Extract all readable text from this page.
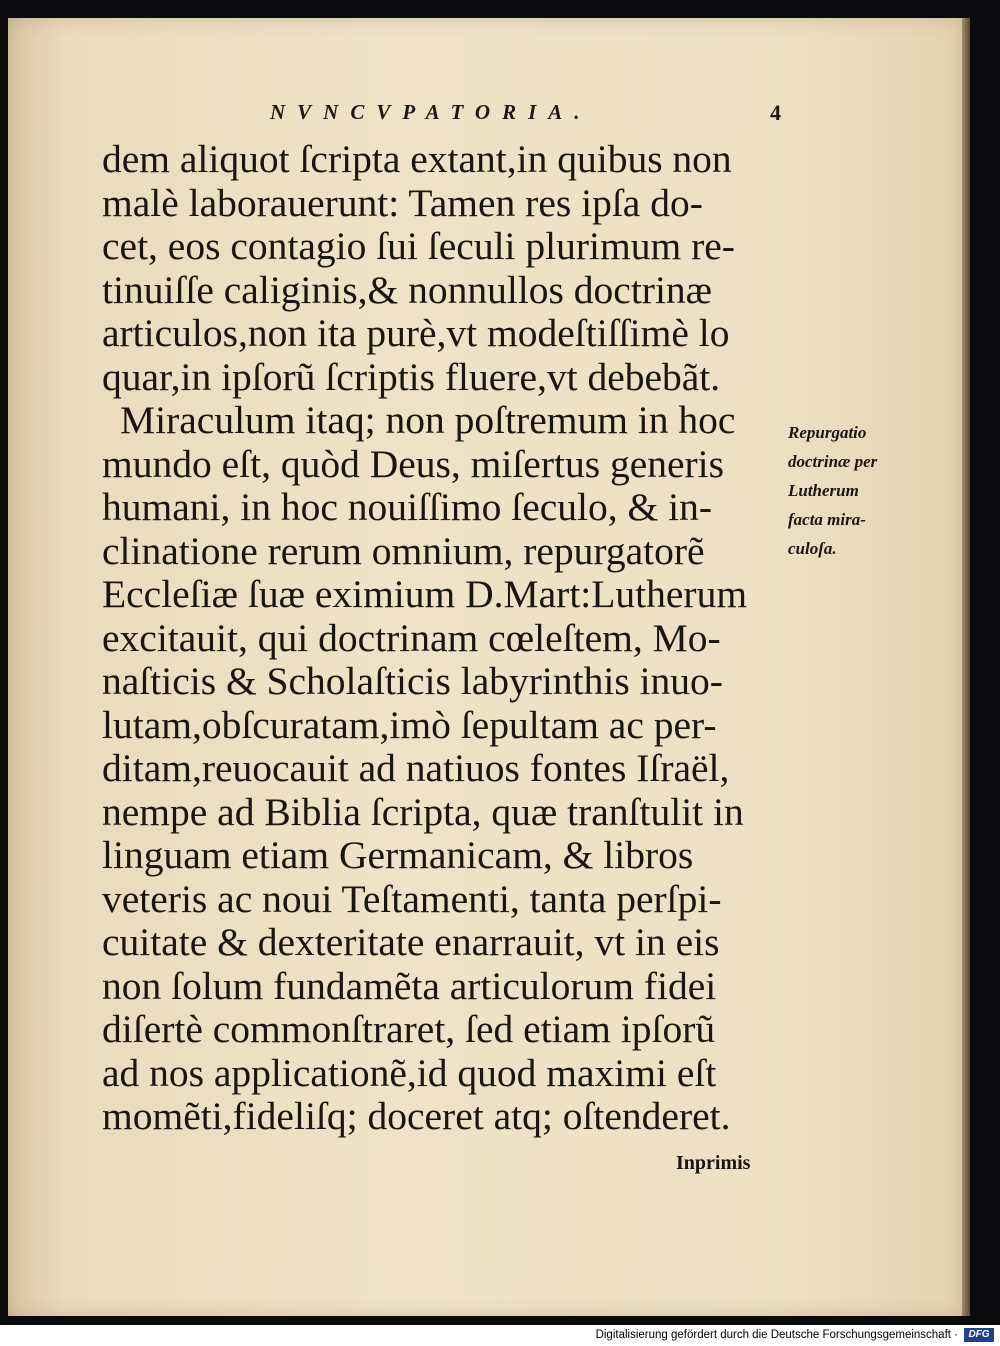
NVNCVPATORIA.	4
dem aliquot ſcripta extant,in quibus non
malè laborauerunt: Tamen res ipſa do-
cet, eos contagio ſui ſeculi plurimum re-
tinuiſſe caliginis,& nonnullos doctrinæ
articulos,non ita purè,vt modeſtiſſimè lo
quar,in ipſorũ ſcriptis fluere,vt debebãt.
Miraculum itaq; non poſtremum in hoc
mundo eſt, quòd Deus, miſertus generis
humani, in hoc nouiſſimo ſeculo, & in-
clinatione rerum omnium, repurgatorẽ
Eccleſiæ ſuæ eximium D.Mart:Lutherum
excitauit, qui doctrinam cœleſtem, Mo-
naſticis & Scholaſticis labyrinthis inuo-
lutam,obſcuratam,imò ſepultam ac per-
ditam,reuocauit ad natiuos fontes Iſraël,
nempe ad Biblia ſcripta, quæ tranſtulit in
linguam etiam Germanicam, & libros
veteris ac noui Teſtamenti, tanta perſpi-
cuitate & dexteritate enarrauit, vt in eis
non ſolum fundamẽta articulorum fidei
diſertè commonſtraret, ſed etiam ipſorũ
ad nos applicationẽ,id quod maximi eſt
momẽti,fideliſq; doceret atq; oſtenderet.
Repurgatio
doctrinæ per
Lutherum
facta mira-
culoſa.
Inprimis
Digitalisierung gefördert durch die Deutsche Forschungsgemeinschaft ·	DFG
